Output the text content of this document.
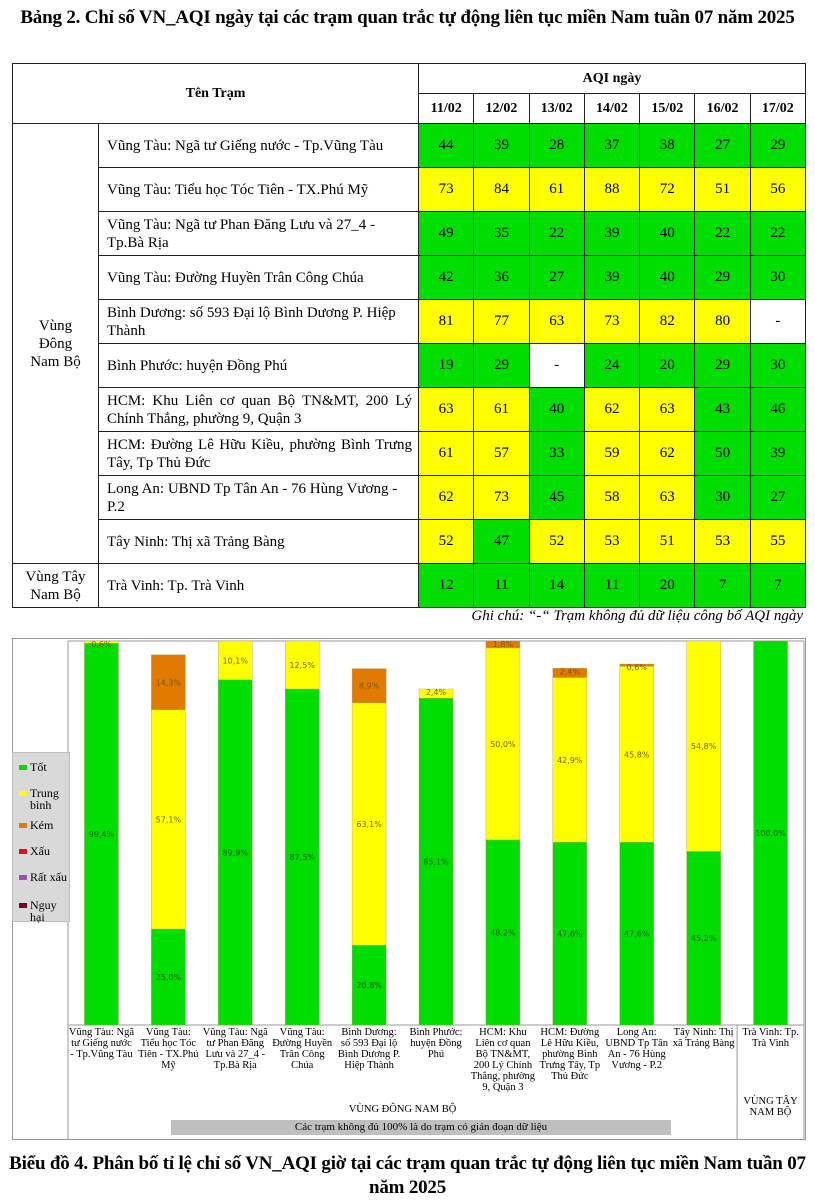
Bảng 2. Chỉ số VN_AQI ngày tại các trạm quan trắc tự động liên tục miền Nam tuần 07 năm 2025
Tên Trạm		AQI ngày						
		11/02	12/02	13/02	14/02	15/02	16/02	17/02
Vùng Đông Nam Bộ	Vũng Tàu: Ngã tư Giếng nước - Tp.Vũng Tàu	44	39	28	37	38	27	29
	Vũng Tàu: Tiểu học Tóc Tiên - TX.Phú Mỹ	73	84	61	88	72	51	56
	Vũng Tàu: Ngã tư Phan Đăng Lưu và 27_4 - Tp.Bà Rịa	49	35	22	39	40	22	22
	Vũng Tàu: Đường Huyền Trân Công Chúa	42	36	27	39	40	29	30
	Bình Dương: số 593 Đại lộ Bình Dương P. Hiệp Thành	81	77	63	73	82	80	-
	Bình Phước: huyện Đồng Phú	19	29	-	24	20	29	30
	HCM: Khu Liên cơ quan Bộ TN&MT, 200 Lý Chính Thắng, phường 9, Quận 3	63	61	40	62	63	43	46
	HCM: Đường Lê Hữu Kiều, phường Bình Trưng Tây, Tp Thủ Đức	61	57	33	59	62	50	39
	Long An: UBND Tp Tân An - 76 Hùng Vương - P.2	62	73	45	58	63	30	27
	Tây Ninh: Thị xã Trảng Bàng	52	47	52	53	51	53	55
Vùng Tây Nam Bộ	Trà Vinh: Tp. Trà Vinh	12	11	14	11	20	7	7
Ghi chú: “-“ Trạm không đủ dữ liệu công bố AQI ngày
99,4%
0,6%
25,0%
57,1%
14,3%
89,9%
10,1%
87,5%
12,5%
20,8%
63,1%
8,9%
85,1%
2,4%
48,2%
50,0%
1,8%
47,6%
42,9%
2,4%
47,6%
45,8%
0,6%
45,2%
54,8%
100,0%
Tốt
Trung bình
Kém
Xấu
Rất xấu
Nguy hại
Vũng Tàu: Ngã tư Giếng nước - Tp.Vũng Tàu
Vũng Tàu: Tiểu học Tóc Tiên - TX.Phú Mỹ
Vũng Tàu: Ngã tư Phan Đăng Lưu và 27_4 - Tp.Bà Rịa
Vũng Tàu: Đường Huyền Trân Công Chúa
Bình Dương: số 593 Đại lộ Bình Dương P. Hiệp Thành
Bình Phước: huyện Đồng Phú
HCM: Khu Liên cơ quan Bộ TN&MT, 200 Lý Chính Thắng, phường 9, Quận 3
HCM: Đường Lê Hữu Kiều, phường Bình Trưng Tây, Tp Thủ Đức
Long An: UBND Tp Tân An - 76 Hùng Vương - P.2
Tây Ninh: Thị xã Trảng Bàng
Trà Vinh: Tp. Trà Vinh
VÙNG ĐÔNG NAM BỘ
VÙNG TÂY NAM BỘ
Các trạm không đủ 100% là do trạm có gián đoạn dữ liệu
Biểu đồ 4. Phân bố tỉ lệ chỉ số VN_AQI giờ tại các trạm quan trắc tự động liên tục miền Nam tuần 07 năm 2025
